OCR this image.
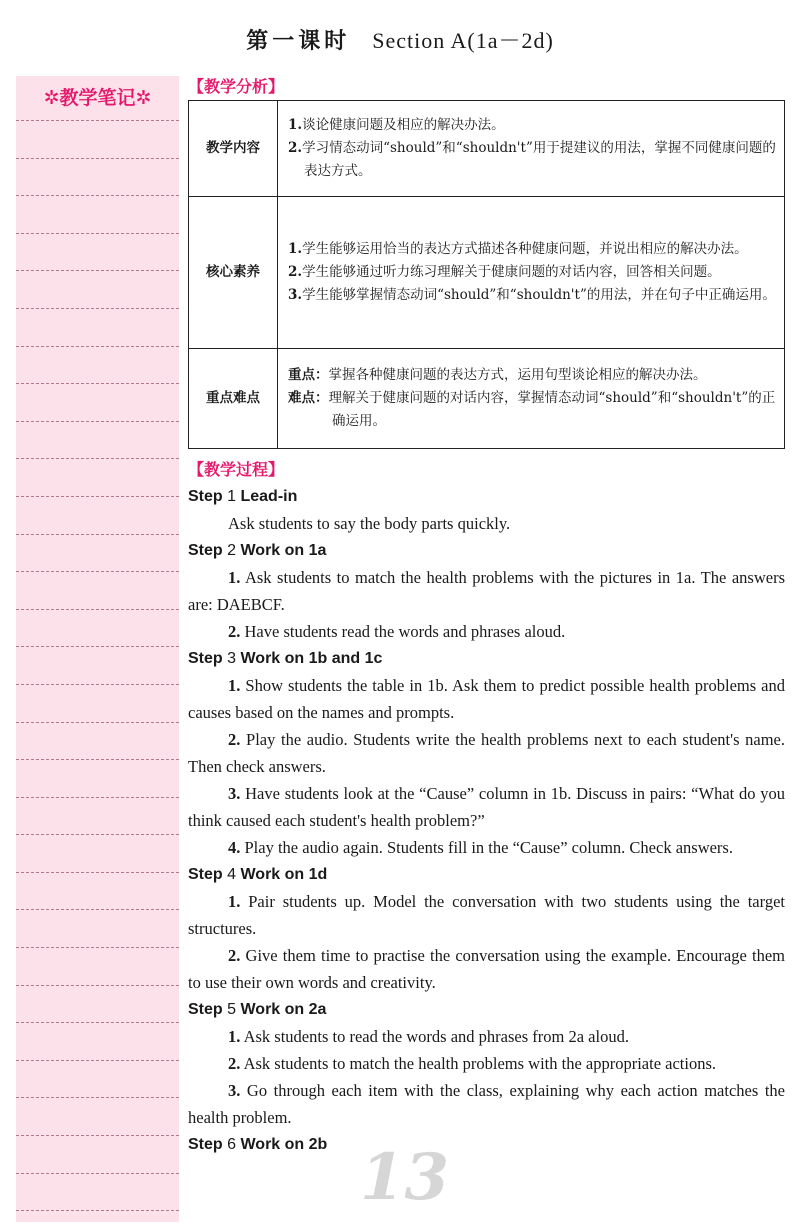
第一课时 Section A(1a－2d)
✲教学笔记✲
【教学分析】
教学内容	1.谈论健康问题及相应的解决办法。
2.学习情态动词“should”和“shouldn't”用于提建议的用法，掌握不同健康问题的表达方式。

核心素养	1.学生能够运用恰当的表达方式描述各种健康问题，并说出相应的解决办法。
2.学生能够通过听力练习理解关于健康问题的对话内容，回答相关问题。
3.学生能够掌握情态动词“should”和“shouldn't”的用法，并在句子中正确运用。

重点难点	重点：掌握各种健康问题的表达方式，运用句型谈论相应的解决办法。
难点：理解关于健康问题的对话内容，掌握情态动词“should”和“shouldn't”的正确运用。
【教学过程】
Step 1 Lead-in
Ask students to say the body parts quickly.
Step 2 Work on 1a
1. Ask students to match the health problems with the pictures in 1a. The answers are: DAEBCF.
2. Have students read the words and phrases aloud.
Step 3 Work on 1b and 1c
1. Show students the table in 1b. Ask them to predict possible health problems and causes based on the names and prompts.
2. Play the audio. Students write the health problems next to each student's name. Then check answers.
3. Have students look at the “Cause” column in 1b. Discuss in pairs: “What do you think caused each student's health problem?”
4. Play the audio again. Students fill in the “Cause” column. Check answers.
Step 4 Work on 1d
1. Pair students up. Model the conversation with two students using the target structures.
2. Give them time to practise the conversation using the example. Encourage them to use their own words and creativity.
Step 5 Work on 2a
1. Ask students to read the words and phrases from 2a aloud.
2. Ask students to match the health problems with the appropriate actions.
3. Go through each item with the class, explaining why each action matches the health problem.
Step 6 Work on 2b 13
